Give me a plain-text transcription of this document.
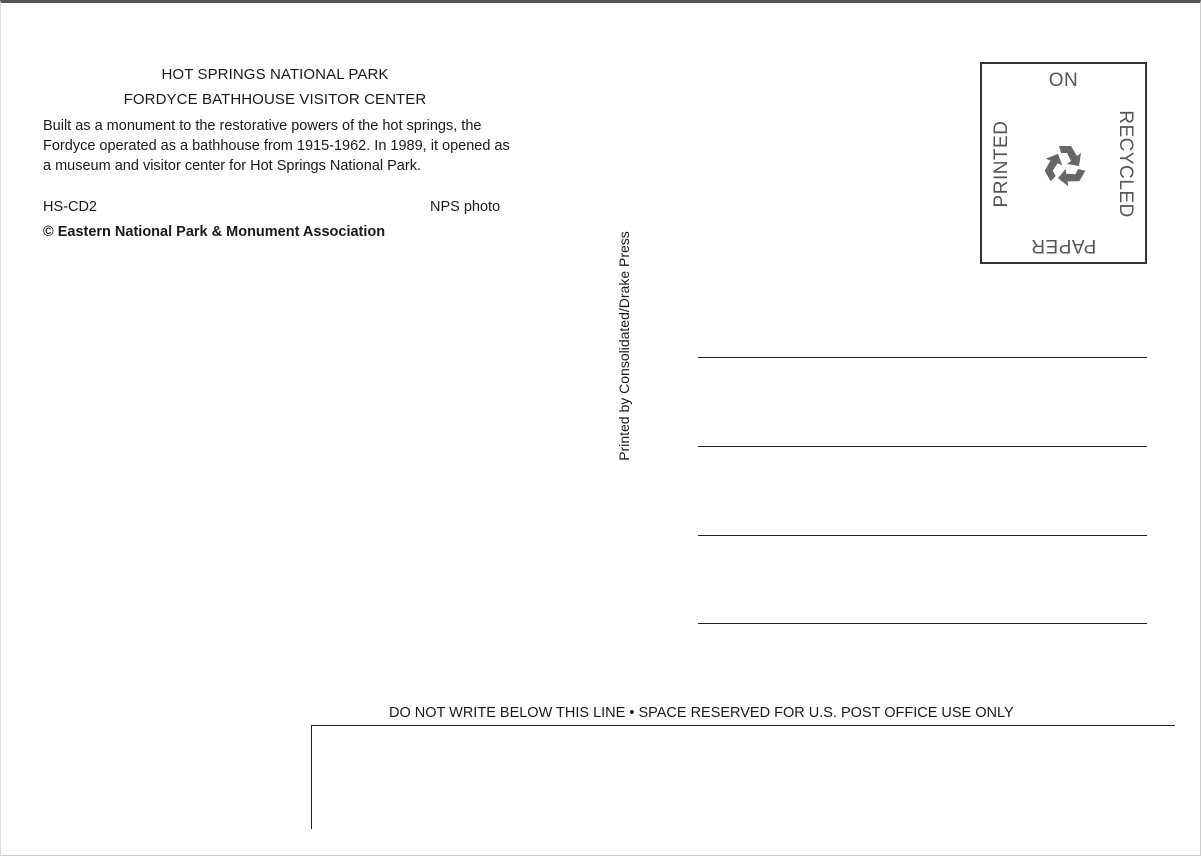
HOT SPRINGS NATIONAL PARK
FORDYCE BATHHOUSE VISITOR CENTER
Built as a monument to the restorative powers of the hot springs, the Fordyce operated as a bathhouse from 1915-1962. In 1989, it opened as a museum and visitor center for Hot Springs National Park.
HS-CD2	NPS photo
© Eastern National Park & Monument Association	Printed by Consolidated/Drake Press
ON
PRINTED	RECYCLED
PAPER
DO NOT WRITE BELOW THIS LINE • SPACE RESERVED FOR U.S. POST OFFICE USE ONLY
